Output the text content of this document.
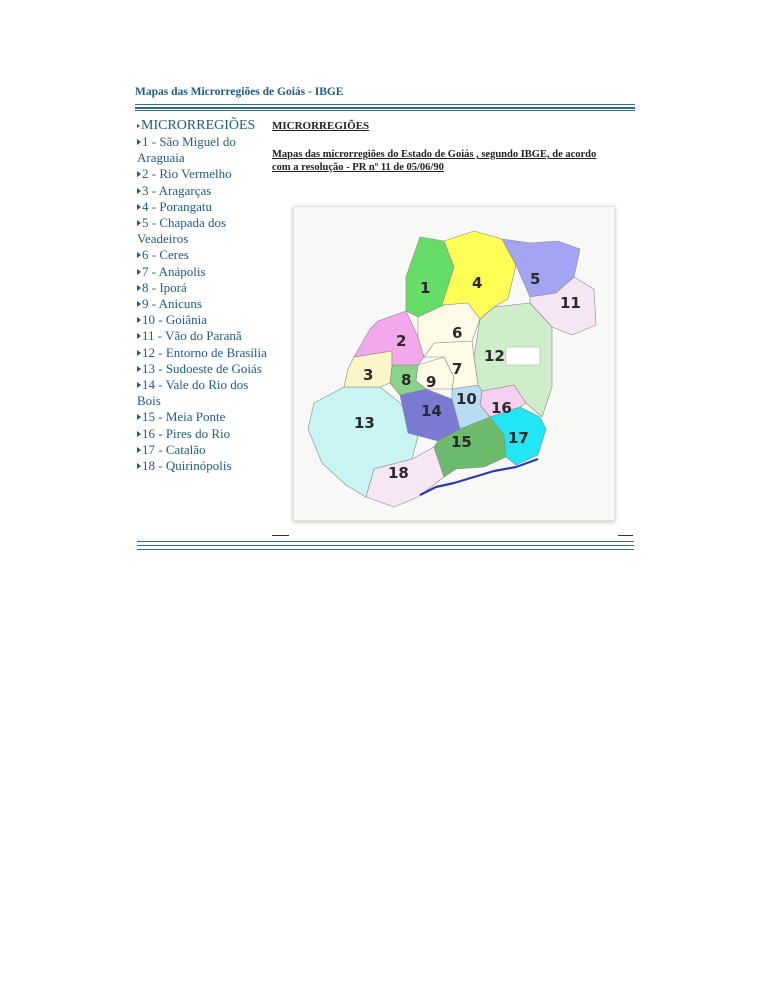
Mapas das Microrregiões de Goiás - IBGE
MICRORREGIÕES
1 - São Miguel do Araguaia
2 - Rio Vermelho
3 - Aragarças
4 - Porangatu
5 - Chapada dos Veadeiros
6 - Ceres
7 - Anápolis
8 - Iporá
9 - Anicuns
10 - Goiânia
11 - Vão do Paranã
12 - Entorno de Brasília
13 - Sudoeste de Goiás
14 - Vale do Rio dos Bois
15 - Meia Ponte
16 - Pires do Rio
17 - Catalão
18 - Quirinópolis
MICRORREGIÕES
Mapas das microrregiões do Estado de Goiás , segundo IBGE, de acordo com a resolução - PR nº 11 de 05/06/90
1
2
3
4	5
6
7
8 9
10
11
12
13
14
15
16
17
18
